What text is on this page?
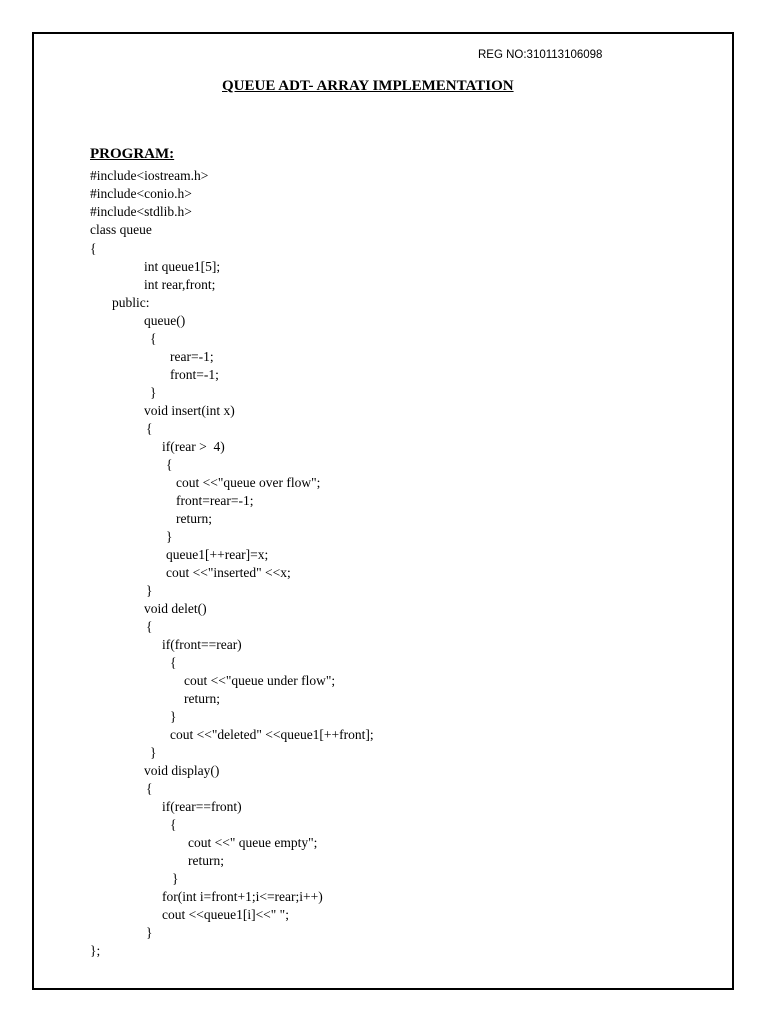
REG NO:310113106098
QUEUE ADT- ARRAY IMPLEMENTATION
PROGRAM:
#include<iostream.h>
#include<conio.h>
#include<stdlib.h>
class queue
{
int queue1[5];
int rear,front;
public:
queue()
{
rear=-1;
front=-1;
}
void insert(int x)
{
if(rear >  4)
{
cout <<"queue over flow";
front=rear=-1;
return;
}
queue1[++rear]=x;
cout <<"inserted" <<x;
}
void delet()
{
if(front==rear)
{
cout <<"queue under flow";
return;
}
cout <<"deleted" <<queue1[++front];
}
void display()
{
if(rear==front)
{
cout <<" queue empty";
return;
}
for(int i=front+1;i<=rear;i++)
cout <<queue1[i]<<" ";
}
};
